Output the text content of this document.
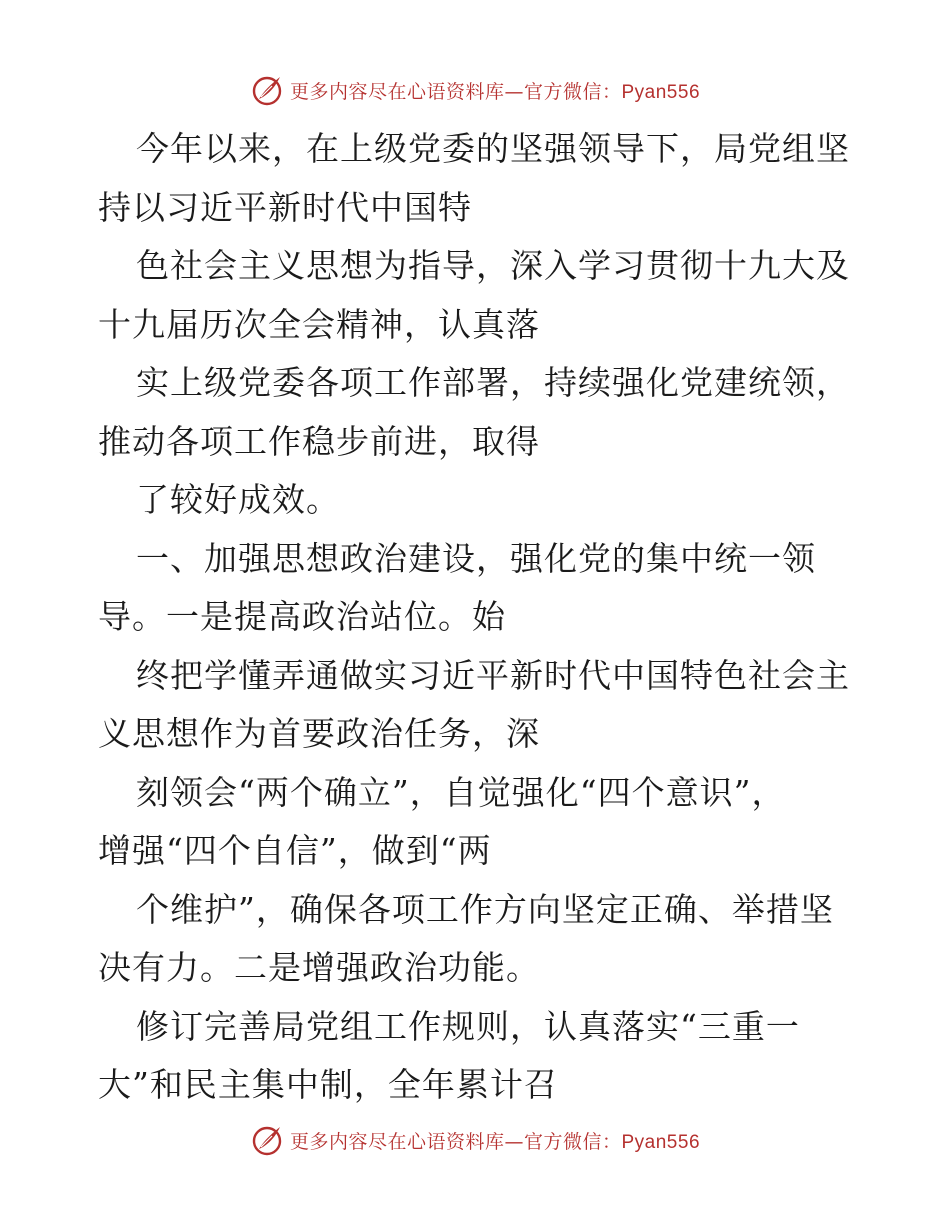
更多内容尽在心语资料库—官方微信：Pyan556
今年以来，在上级党委的坚强领导下，局党组坚
持以习近平新时代中国特
色社会主义思想为指导，深入学习贯彻十九大及
十九届历次全会精神，认真落
实上级党委各项工作部署，持续强化党建统领，
推动各项工作稳步前进，取得
了较好成效。
一、加强思想政治建设，强化党的集中统一领
导。一是提高政治站位。始
终把学懂弄通做实习近平新时代中国特色社会主
义思想作为首要政治任务，深
刻领会“两个确立”，自觉强化“四个意识”，
增强“四个自信”，做到“两
个维护”，确保各项工作方向坚定正确、举措坚
决有力。二是增强政治功能。
修订完善局党组工作规则，认真落实“三重一
大”和民主集中制，全年累计召
更多内容尽在心语资料库—官方微信：Pyan556
